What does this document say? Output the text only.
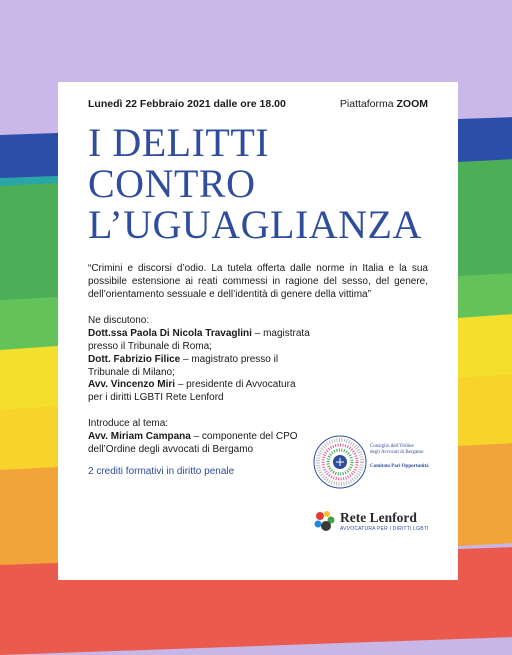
Lunedì 22 Febbraio 2021 dalle ore 18.00	Piattaforma ZOOM
I DELITTI
CONTRO
L’UGUAGLIANZA
“Crimini e discorsi d’odio. La tutela offerta dalle norme in Italia e la sua possibile estensione ai reati commessi in ragione del sesso, del genere, dell’orientamento sessuale e dell’identità di genere della vittima”
Ne discutono:
Dott.ssa Paola Di Nicola Travaglini – magistrata presso il Tribunale di Roma;
Dott. Fabrizio Filice – magistrato presso il Tribunale di Milano;
Avv. Vincenzo Miri – presidente di Avvocatura per i diritti LGBTI Rete Lenford
Introduce al tema:
Avv. Miriam Campana – componente del CPO dell’Ordine degli avvocati di Bergamo
2 crediti formativi in diritto penale
Consiglio dell’Ordine
degli Avvocati di Bergamo
Comitato Pari Opportunità
Rete Lenford
AVVOCATURA PER I DIRITTI LGBTI
